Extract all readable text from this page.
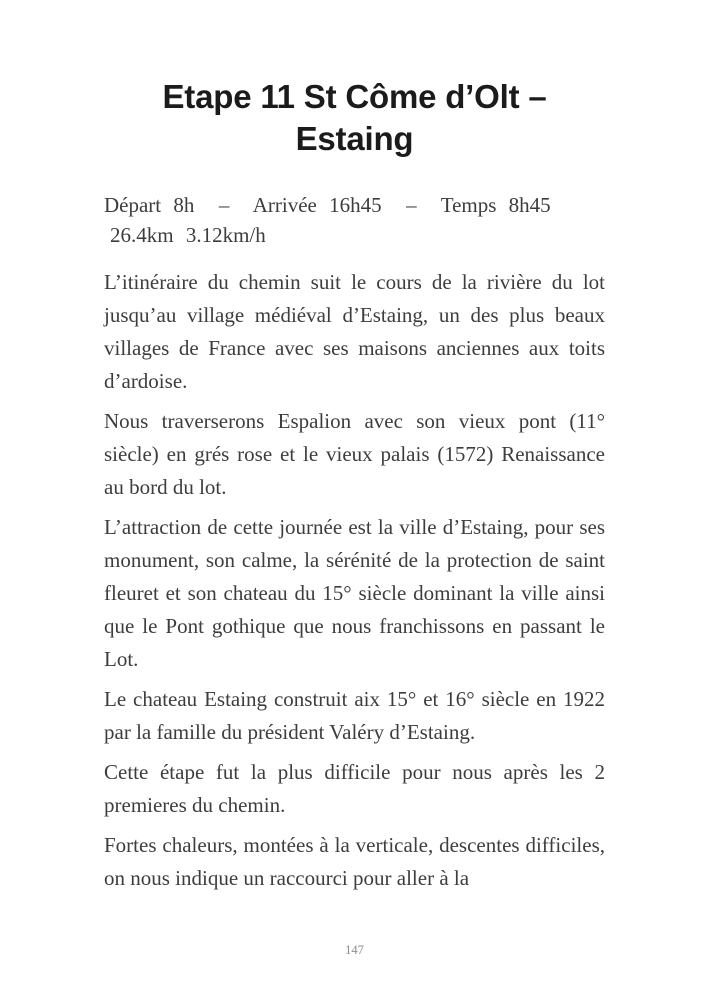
Etape 11 St Côme d’Olt – Estaing
Départ 8h  –  Arrivée 16h45  –  Temps 8h45
26.4km 3.12km/h

L’itinéraire du chemin suit le cours de la rivière du lot jusqu’au village médiéval d’Estaing, un des plus beaux villages de France avec ses maisons anciennes aux toits d’ardoise.

Nous traverserons Espalion avec son vieux pont (11° siècle) en grés rose et le vieux palais (1572) Renaissance au bord du lot.

L’attraction de cette journée est la ville d’Estaing, pour ses monument, son calme, la sérénité de la protection de saint fleuret et son chateau du 15° siècle dominant la ville ainsi que le Pont gothique que nous franchissons en passant le Lot.

Le chateau Estaing construit aix 15° et 16° siècle en 1922 par la famille du président Valéry d’Estaing.

Cette étape fut la plus difficile pour nous après les 2 premieres du chemin.

Fortes chaleurs, montées à la verticale, descentes difficiles, on nous indique un raccourci pour aller à la

147
